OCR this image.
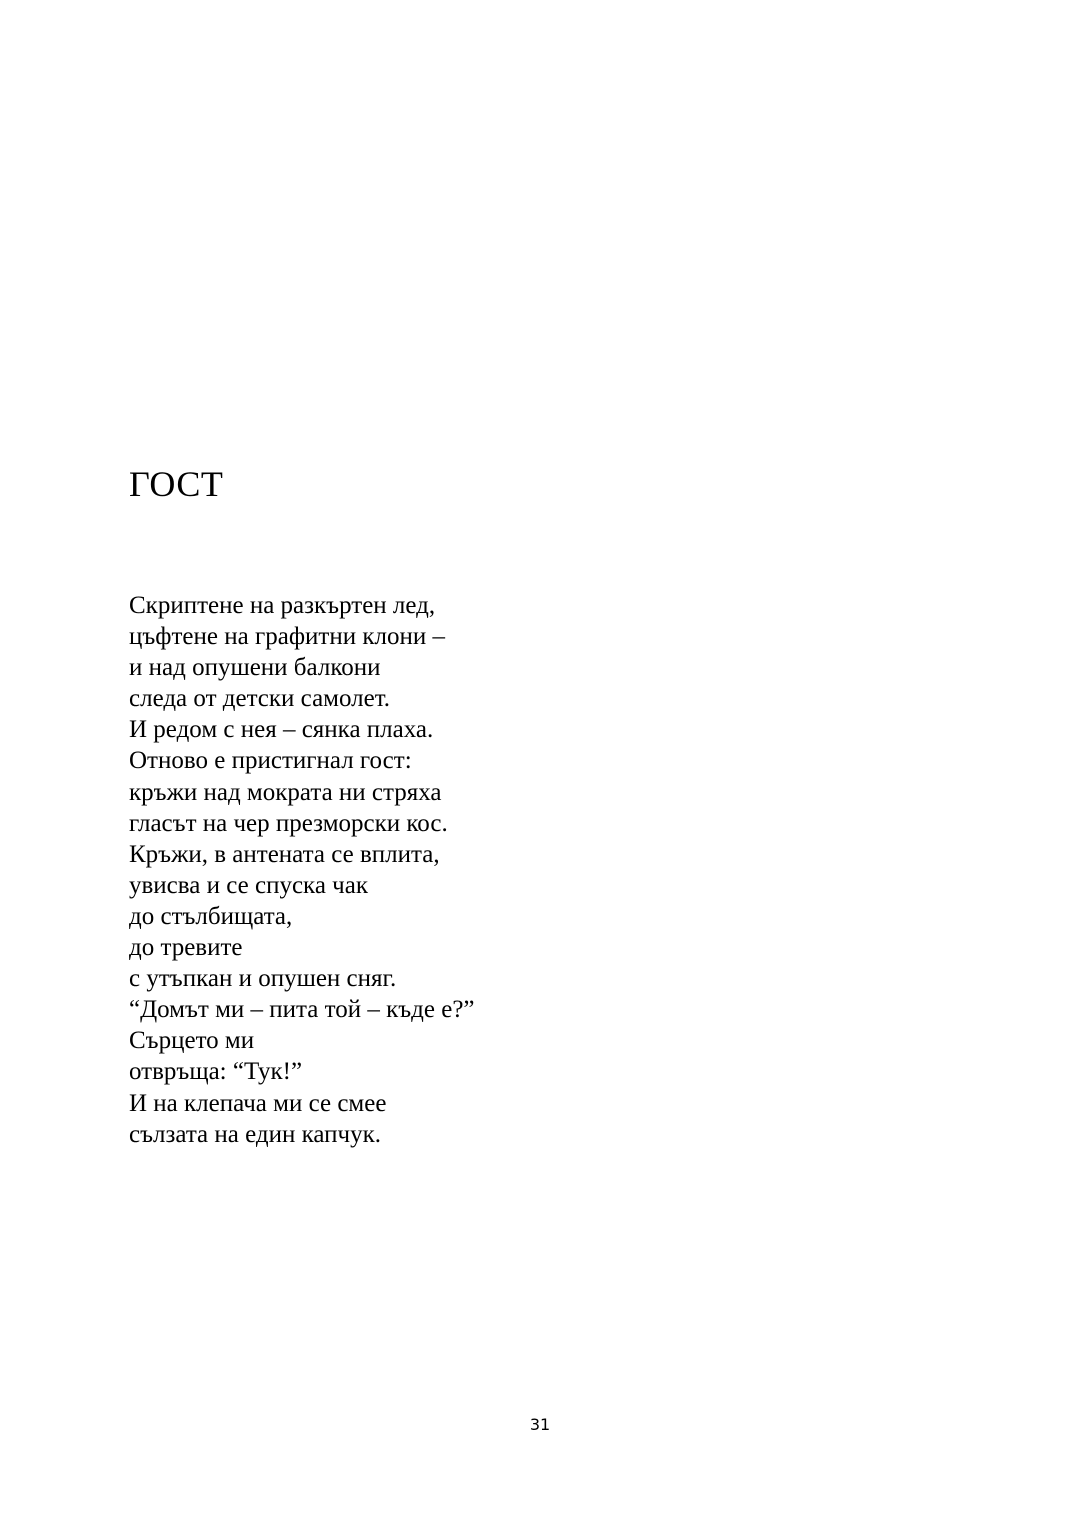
ГОСТ
Скриптене на разкъртен лед,
цъфтене на графитни клони –
и над опушени балкони
следа от детски самолет.
И редом с нея – сянка плаха.
Отново е пристигнал гост:
кръжи над мократа ни стряха
гласът на чер презморски кос.
Кръжи, в антената се вплита,
увисва и се спуска чак
до стълбищата,
до тревите
с утъпкан и опушен сняг.
“Домът ми – пита той – къде е?”
Сърцето ми
отвръща: “Тук!”
И на клепача ми се смее
сълзата на един капчук.
31
